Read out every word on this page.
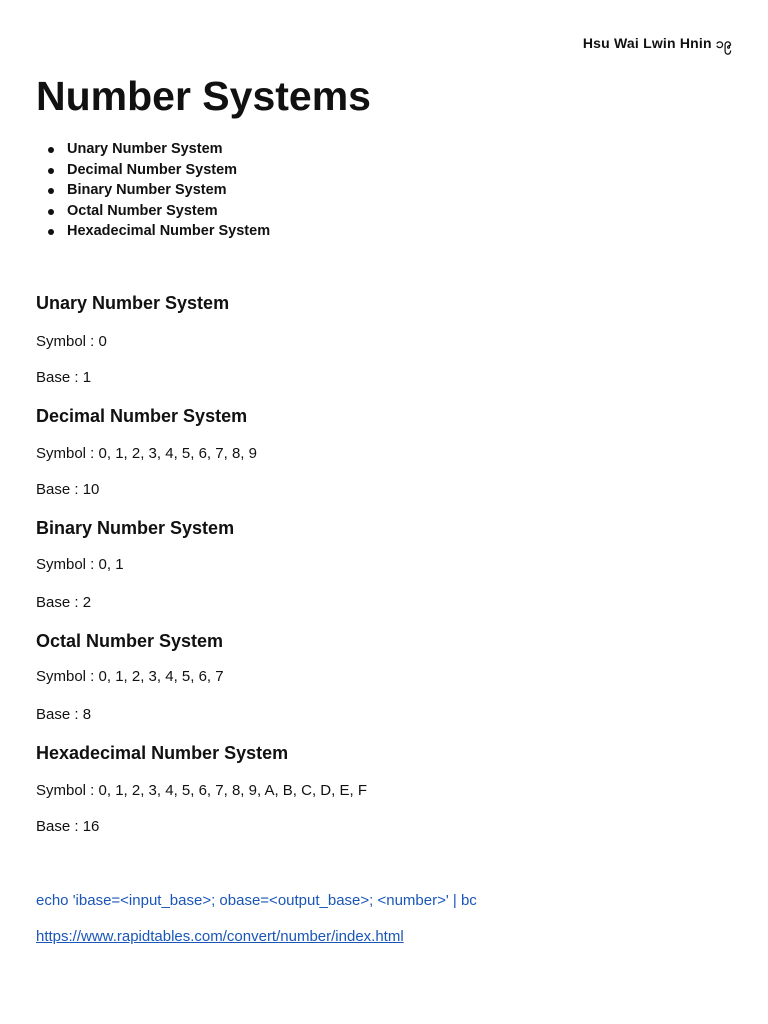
Hsu Wai Lwin Hnin ၁၉
Number Systems
Unary Number System
Decimal Number System
Binary Number System
Octal Number System
Hexadecimal Number System
Unary Number System

Symbol : 0

Base : 1

Decimal Number System

Symbol : 0, 1, 2, 3, 4, 5, 6, 7, 8, 9

Base : 10

Binary Number System

Symbol : 0, 1

Base : 2

Octal Number System

Symbol : 0, 1, 2, 3, 4, 5, 6, 7

Base : 8

Hexadecimal Number System

Symbol : 0, 1, 2, 3, 4, 5, 6, 7, 8, 9, A, B, C, D, E, F

Base : 16

echo 'ibase=<input_base>; obase=<output_base>; <number>' | bc
https://www.rapidtables.com/convert/number/index.html
